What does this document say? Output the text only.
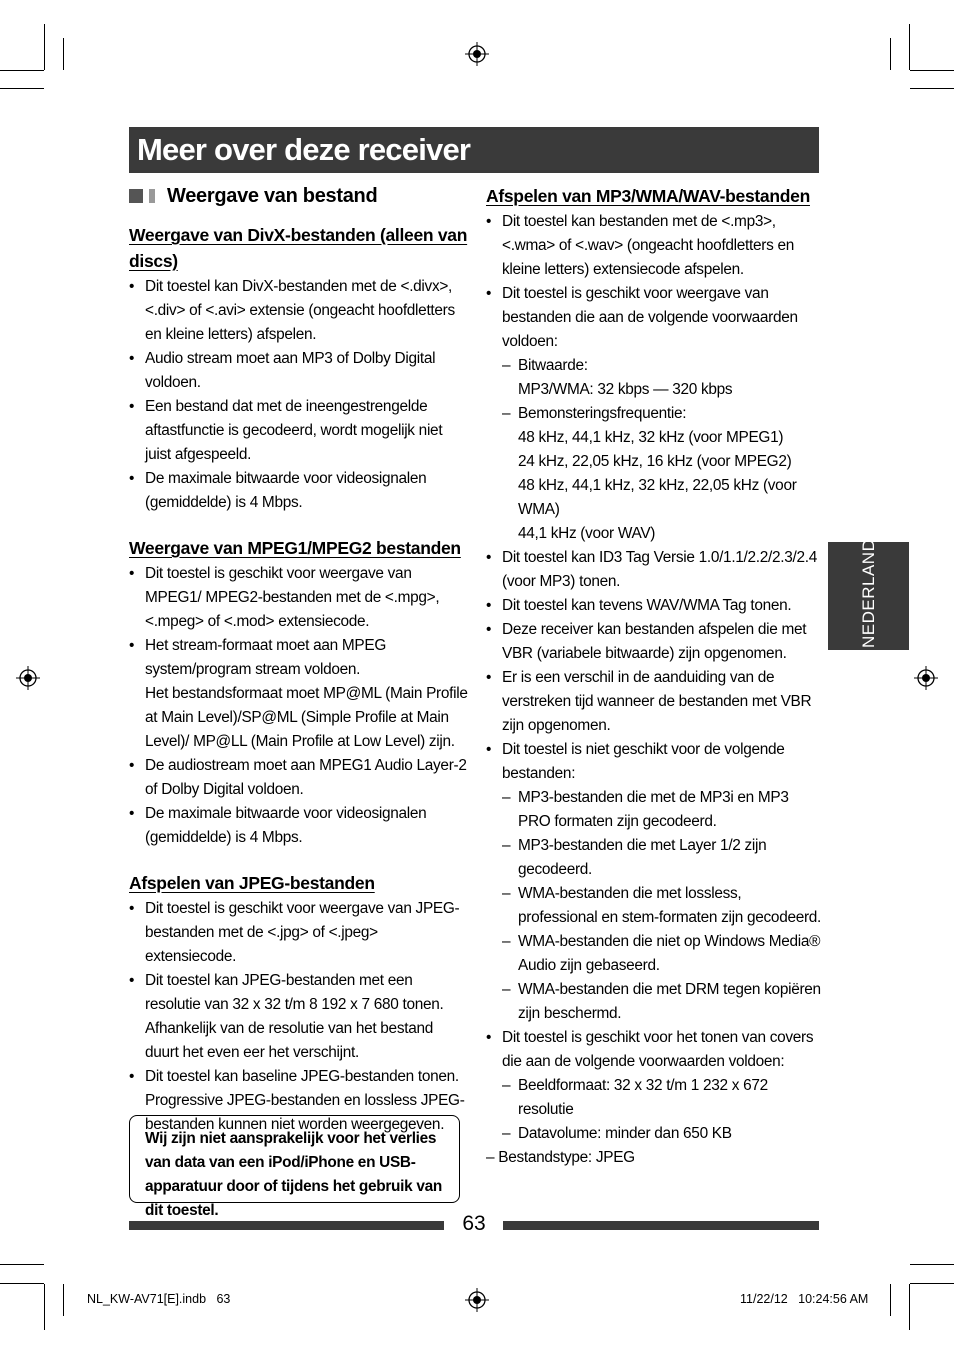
Meer over deze receiver
Weergave van bestand
Weergave van DivX-bestanden (alleen van discs)
• Dit toestel kan DivX-bestanden met de <.divx>, <.div> of <.avi> extensie (ongeacht hoofdletters en kleine letters) afspelen.
• Audio stream moet aan MP3 of Dolby Digital voldoen.
• Een bestand dat met de ineengestrengelde aftastfunctie is gecodeerd, wordt mogelijk niet juist afgespeeld.
• De maximale bitwaarde voor videosignalen (gemiddelde) is 4 Mbps.
Weergave van MPEG1/MPEG2 bestanden
• Dit toestel is geschikt voor weergave van MPEG1/ MPEG2-bestanden met de <.mpg>, <.mpeg> of <.mod> extensiecode.
• Het stream-formaat moet aan MPEG system/program stream voldoen.
Het bestandsformaat moet MP@ML (Main Profile at Main Level)/SP@ML (Simple Profile at Main Level)/ MP@LL (Main Profile at Low Level) zijn.
• De audiostream moet aan MPEG1 Audio Layer-2 of Dolby Digital voldoen.
• De maximale bitwaarde voor videosignalen (gemiddelde) is 4 Mbps.
Afspelen van JPEG-bestanden
• Dit toestel is geschikt voor weergave van JPEG-bestanden met de <.jpg> of <.jpeg> extensiecode.
• Dit toestel kan JPEG-bestanden met een resolutie van 32 x 32 t/m 8 192 x 7 680 tonen.
Afhankelijk van de resolutie van het bestand duurt het even eer het verschijnt.
• Dit toestel kan baseline JPEG-bestanden tonen.
Progressive JPEG-bestanden en lossless JPEG-bestanden kunnen niet worden weergegeven.
Wij zijn niet aansprakelijk voor het verlies van data van een iPod/iPhone en USB-apparatuur door of tijdens het gebruik van dit toestel.
Afspelen van MP3/WMA/WAV-bestanden
• Dit toestel kan bestanden met de <.mp3>, <.wma> of <.wav> (ongeacht hoofdletters en kleine letters) extensiecode afspelen.
• Dit toestel is geschikt voor weergave van bestanden die aan de volgende voorwaarden voldoen:
– Bitwaarde:
MP3/WMA: 32 kbps — 320 kbps
– Bemonsteringsfrequentie:
48 kHz, 44,1 kHz, 32 kHz (voor MPEG1)
24 kHz, 22,05 kHz, 16 kHz (voor MPEG2)
48 kHz, 44,1 kHz, 32 kHz, 22,05 kHz (voor WMA)
44,1 kHz (voor WAV)
• Dit toestel kan ID3 Tag Versie 1.0/1.1/2.2/2.3/2.4 (voor MP3) tonen.
• Dit toestel kan tevens WAV/WMA Tag tonen.
• Deze receiver kan bestanden afspelen die met VBR (variabele bitwaarde) zijn opgenomen.
• Er is een verschil in de aanduiding van de verstreken tijd wanneer de bestanden met VBR zijn opgenomen.
• Dit toestel is niet geschikt voor de volgende bestanden:
– MP3-bestanden die met de MP3i en MP3 PRO formaten zijn gecodeerd.
– MP3-bestanden die met Layer 1/2 zijn gecodeerd.
– WMA-bestanden die met lossless, professional en stem-formaten zijn gecodeerd.
– WMA-bestanden die niet op Windows Media® Audio zijn gebaseerd.
– WMA-bestanden die met DRM tegen kopiëren zijn beschermd.
• Dit toestel is geschikt voor het tonen van covers die aan de volgende voorwaarden voldoen:
– Beeldformaat: 32 x 32 t/m 1 232 x 672 resolutie
– Datavolume: minder dan 650 KB
– Bestandstype: JPEG
NEDERLANDS
63
NL_KW-AV71[E].indb   63	11/22/12   10:24:56 AM
